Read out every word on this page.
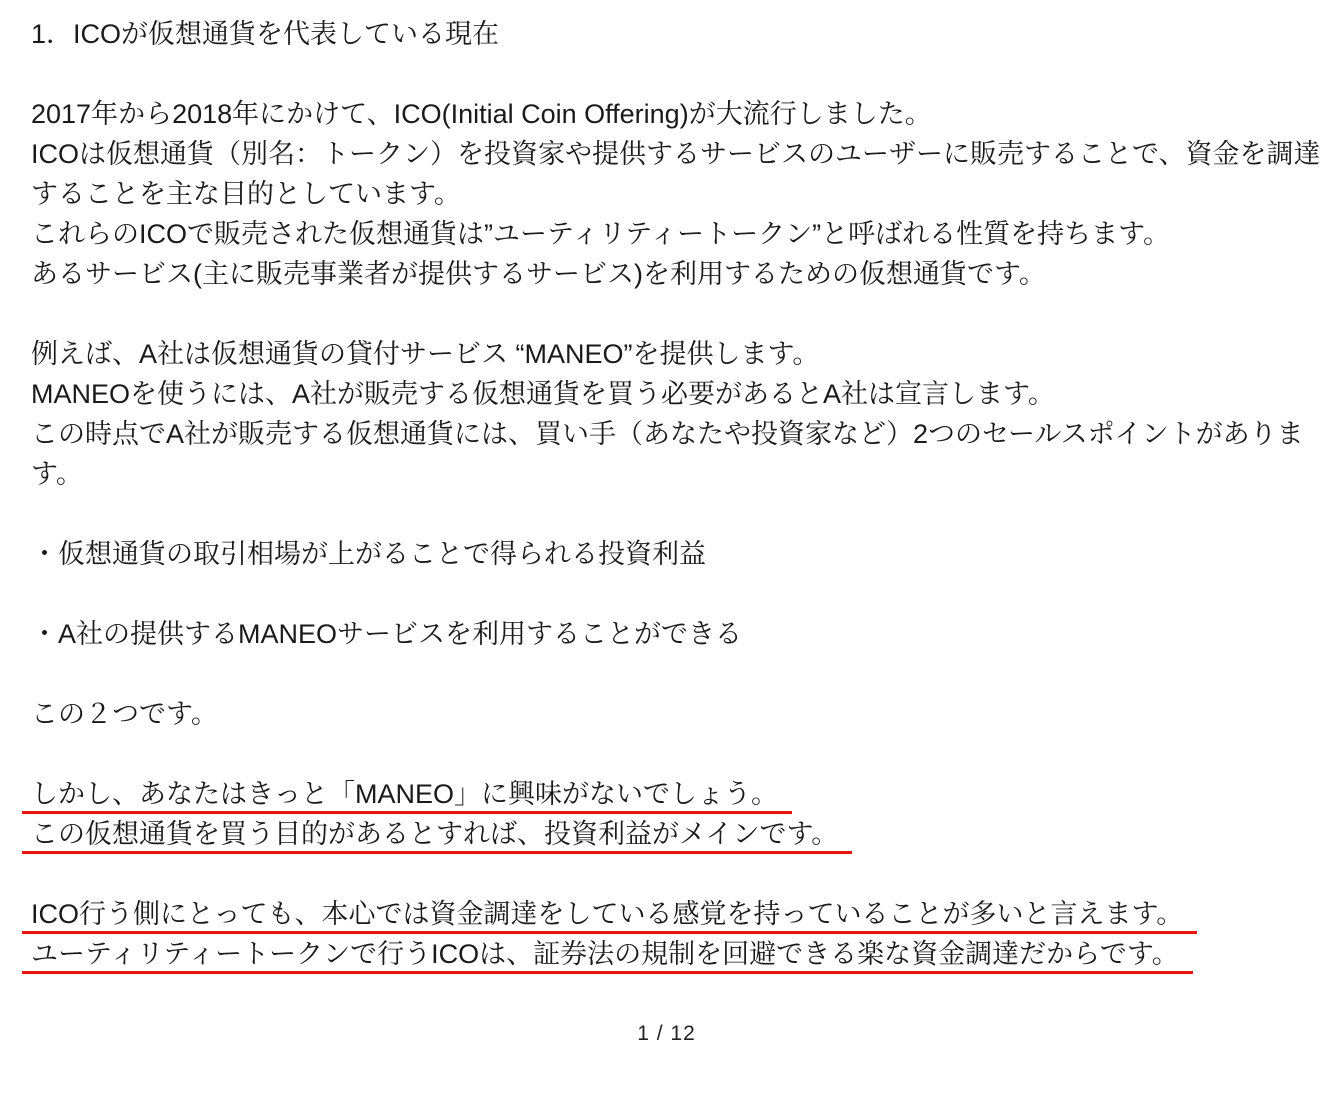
1．ICOが仮想通貨を代表している現在
2017年から2018年にかけて、ICO(Initial Coin Offering)が大流行しました。
ICOは仮想通貨（別名：トークン）を投資家や提供するサービスのユーザーに販売することで、資金を調達
することを主な目的としています。
これらのICOで販売された仮想通貨は”ユーティリティートークン”と呼ばれる性質を持ちます。
あるサービス(主に販売事業者が提供するサービス)を利用するための仮想通貨です。
例えば、A社は仮想通貨の貸付サービス “MANEO”を提供します。
MANEOを使うには、A社が販売する仮想通貨を買う必要があるとA社は宣言します。
この時点でA社が販売する仮想通貨には、買い手（あなたや投資家など）2つのセールスポイントがありま
す。
・仮想通貨の取引相場が上がることで得られる投資利益
・A社の提供するMANEOサービスを利用することができる
この２つです。
しかし、あなたはきっと「MANEO」に興味がないでしょう。
この仮想通貨を買う目的があるとすれば、投資利益がメインです。
ICO行う側にとっても、本心では資金調達をしている感覚を持っていることが多いと言えます。
ユーティリティートークンで行うICOは、証券法の規制を回避できる楽な資金調達だからです。
1 / 12
